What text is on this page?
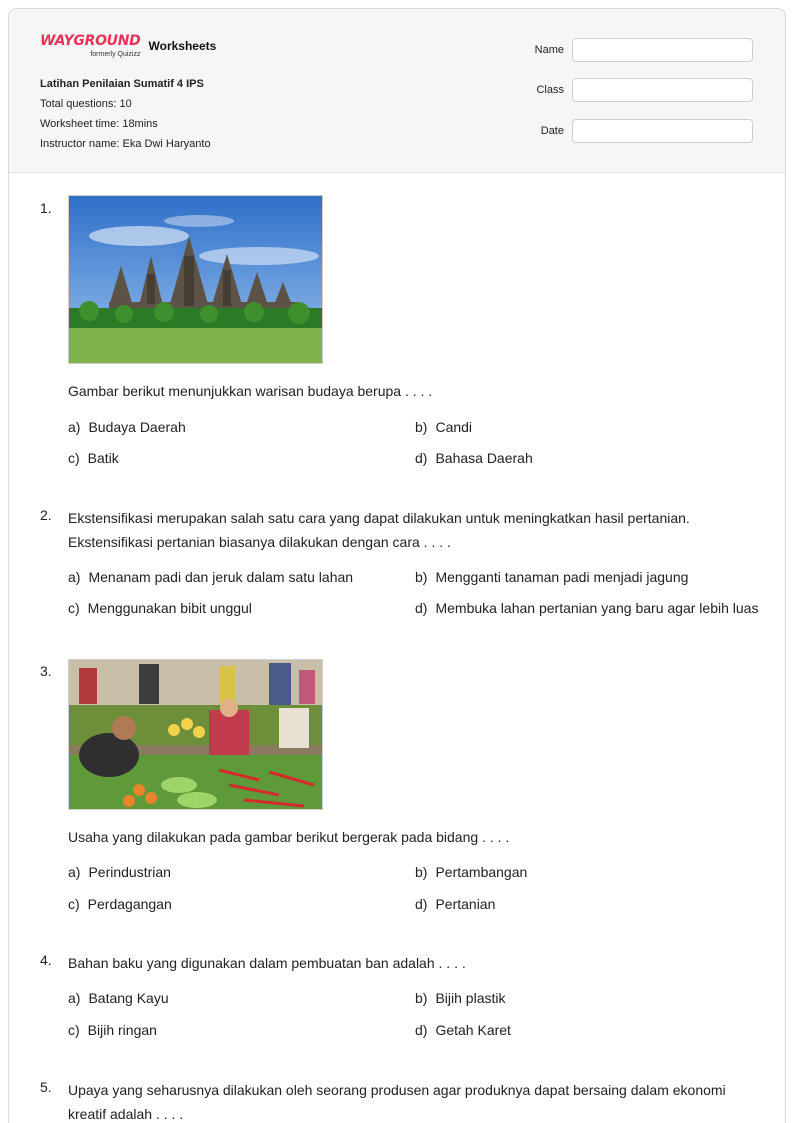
WAYGROUND
formerly Quizizz
Worksheets
Latihan Penilaian Sumatif 4 IPS
Total questions: 10
Worksheet time: 18mins
Instructor name: Eka Dwi Haryanto
Name
Class
Date
1.
Gambar berikut menunjukkan warisan budaya berupa . . . .
a) Budaya Daerah	b) Candi
c) Batik	d) Bahasa Daerah
2.	Ekstensifikasi merupakan salah satu cara yang dapat dilakukan untuk meningkatkan hasil pertanian. Ekstensifikasi pertanian biasanya dilakukan dengan cara . . . .
a) Menanam padi dan jeruk dalam satu lahan	b) Mengganti tanaman padi menjadi jagung
c) Menggunakan bibit unggul	d) Membuka lahan pertanian yang baru agar lebih luas
3.
Usaha yang dilakukan pada gambar berikut bergerak pada bidang . . . .
a) Perindustrian	b) Pertambangan
c) Perdagangan	d) Pertanian
4.	Bahan baku yang digunakan dalam pembuatan ban adalah . . . .
a) Batang Kayu	b) Bijih plastik
c) Bijih ringan	d) Getah Karet
5.	Upaya yang seharusnya dilakukan oleh seorang produsen agar produknya dapat bersaing dalam ekonomi kreatif adalah . . . .
